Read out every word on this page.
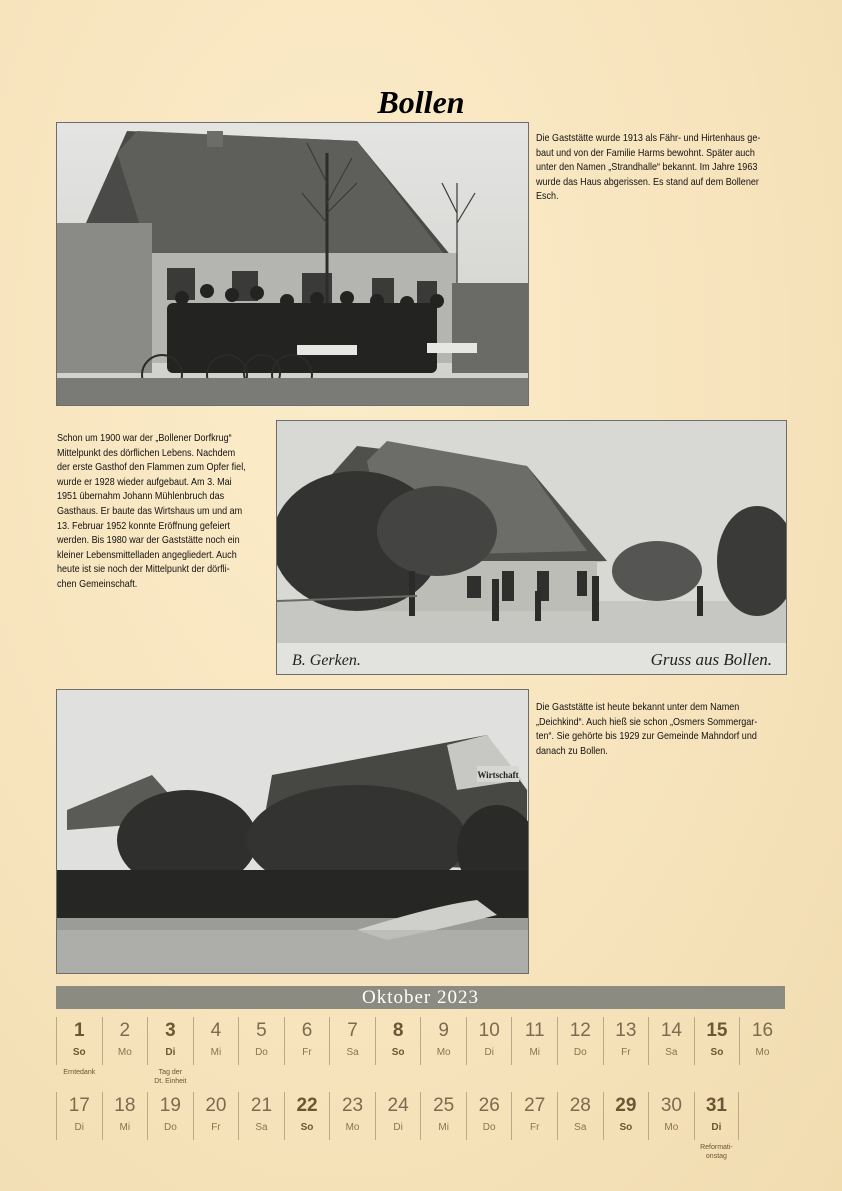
Bollen

Die Gaststätte wurde 1913 als Fähr- und Hirtenhaus ge-

baut und von der Familie Harms bewohnt. Später auch

unter den Namen „Strandhalle“ bekannt. Im Jahre 1963

wurde das Haus abgerissen. Es stand auf dem Bollener

Esch.

B. Gerken.	Gruss aus Bollen.

Schon um 1900 war der „Bollener Dorfkrug“

Mittelpunkt des dörflichen Lebens. Nachdem

der erste Gasthof den Flammen zum Opfer fiel,

wurde er 1928 wieder aufgebaut. Am 3. Mai

1951 übernahm Johann Mühlenbruch das

Gasthaus. Er baute das Wirtshaus um und am

13. Februar 1952 konnte Eröffnung gefeiert

werden. Bis 1980 war der Gaststätte noch ein

kleiner Lebensmittelladen angegliedert. Auch

heute ist sie noch der Mittelpunkt der dörfli-

chen Gemeinschaft.

Wirtschaft

Die Gaststätte ist heute bekannt unter dem Namen

„Deichkind“. Auch hieß sie schon „Osmers Sommergar-

ten“. Sie gehörte bis 1929 zur Gemeinde Mahndorf und

danach zu Bollen.

Oktober 2023
1
So
Erntedank
2
Mo
3
Di
Tag der
Dt. Einheit
4
Mi
5
Do
6
Fr
7
Sa
8
So
9
Mo
10
Di
11
Mi
12
Do
13
Fr
14
Sa
15
So
16
Mo
17
Di
18
Mi
19
Do
20
Fr
21
Sa
22
So
23
Mo
24
Di
25
Mi
26
Do
27
Fr
28
Sa
29
So
30
Mo
31
Di
Reformati-
onstag
